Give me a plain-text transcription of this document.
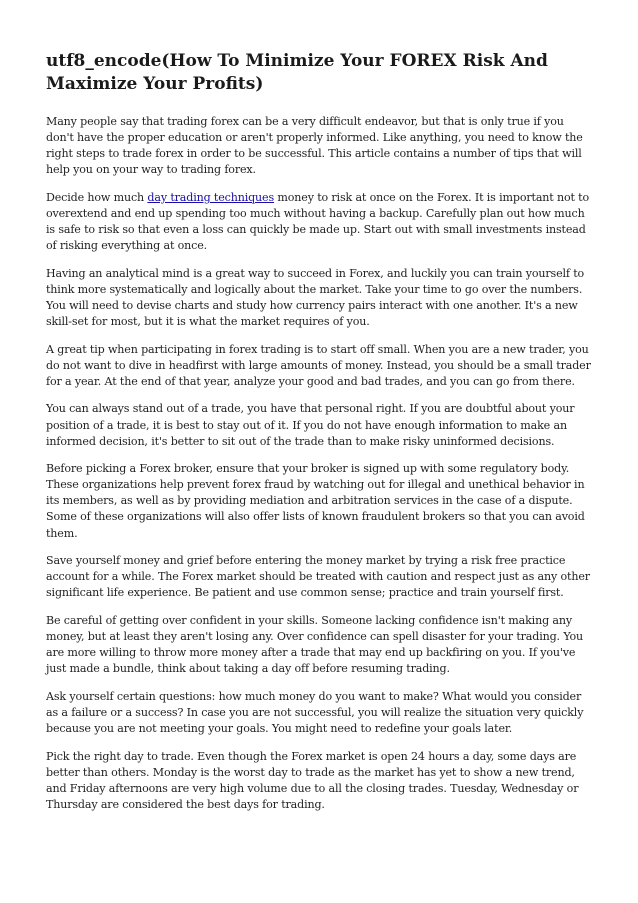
utf8_encode(How To Minimize Your FOREX Risk And Maximize Your Profits)

Many people say that trading forex can be a very difficult endeavor, but that is only true if you don't have the proper education or aren't properly informed. Like anything, you need to know the right steps to trade forex in order to be successful. This article contains a number of tips that will help you on your way to trading forex.

Decide how much day trading techniques money to risk at once on the Forex. It is important not to overextend and end up spending too much without having a backup. Carefully plan out how much is safe to risk so that even a loss can quickly be made up. Start out with small investments instead of risking everything at once.

Having an analytical mind is a great way to succeed in Forex, and luckily you can train yourself to think more systematically and logically about the market. Take your time to go over the numbers. You will need to devise charts and study how currency pairs interact with one another. It's a new skill-set for most, but it is what the market requires of you.

A great tip when participating in forex trading is to start off small. When you are a new trader, you do not want to dive in headfirst with large amounts of money. Instead, you should be a small trader for a year. At the end of that year, analyze your good and bad trades, and you can go from there.

You can always stand out of a trade, you have that personal right. If you are doubtful about your position of a trade, it is best to stay out of it. If you do not have enough information to make an informed decision, it's better to sit out of the trade than to make risky uninformed decisions.

Before picking a Forex broker, ensure that your broker is signed up with some regulatory body. These organizations help prevent forex fraud by watching out for illegal and unethical behavior in its members, as well as by providing mediation and arbitration services in the case of a dispute. Some of these organizations will also offer lists of known fraudulent brokers so that you can avoid them.

Save yourself money and grief before entering the money market by trying a risk free practice account for a while. The Forex market should be treated with caution and respect just as any other significant life experience. Be patient and use common sense; practice and train yourself first.

Be careful of getting over confident in your skills. Someone lacking confidence isn't making any money, but at least they aren't losing any. Over confidence can spell disaster for your trading. You are more willing to throw more money after a trade that may end up backfiring on you. If you've just made a bundle, think about taking a day off before resuming trading.

Ask yourself certain questions: how much money do you want to make? What would you consider as a failure or a success? In case you are not successful, you will realize the situation very quickly because you are not meeting your goals. You might need to redefine your goals later.

Pick the right day to trade. Even though the Forex market is open 24 hours a day, some days are better than others. Monday is the worst day to trade as the market has yet to show a new trend, and Friday afternoons are very high volume due to all the closing trades. Tuesday, Wednesday or Thursday are considered the best days for trading.
